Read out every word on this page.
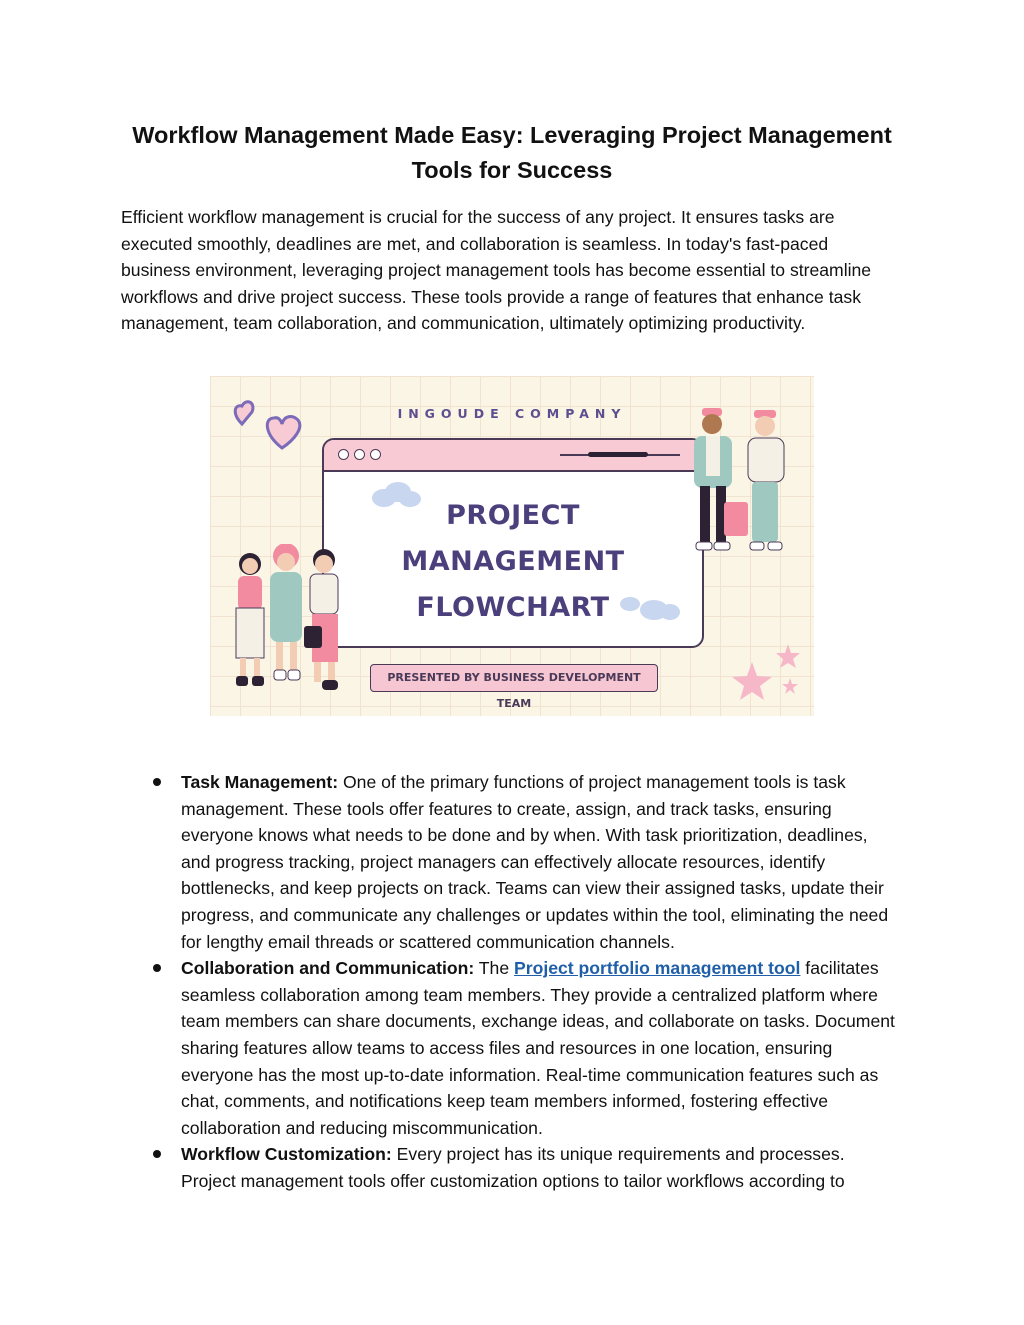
Workflow Management Made Easy: Leveraging Project Management Tools for Success

Efficient workflow management is crucial for the success of any project. It ensures tasks are executed smoothly, deadlines are met, and collaboration is seamless. In today's fast-paced business environment, leveraging project management tools has become essential to streamline workflows and drive project success. These tools provide a range of features that enhance task management, team collaboration, and communication, ultimately optimizing productivity.

INGOUDE COMPANY
PROJECT
MANAGEMENT
FLOWCHART
PRESENTED BY BUSINESS DEVELOPMENT TEAM
Task Management: One of the primary functions of project management tools is task management. These tools offer features to create, assign, and track tasks, ensuring everyone knows what needs to be done and by when. With task prioritization, deadlines, and progress tracking, project managers can effectively allocate resources, identify bottlenecks, and keep projects on track. Teams can view their assigned tasks, update their progress, and communicate any challenges or updates within the tool, eliminating the need for lengthy email threads or scattered communication channels.
Collaboration and Communication: The Project portfolio management tool facilitates seamless collaboration among team members. They provide a centralized platform where team members can share documents, exchange ideas, and collaborate on tasks. Document sharing features allow teams to access files and resources in one location, ensuring everyone has the most up-to-date information. Real-time communication features such as chat, comments, and notifications keep team members informed, fostering effective collaboration and reducing miscommunication.
Workflow Customization: Every project has its unique requirements and processes. Project management tools offer customization options to tailor workflows according to
